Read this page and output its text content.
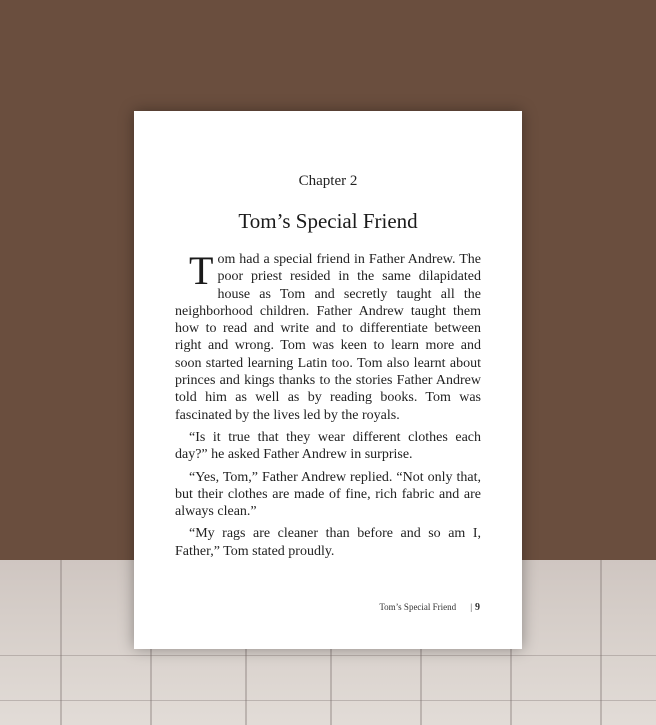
Chapter 2
Tom’s Special Friend

Tom had a special friend in Father Andrew. The poor priest resided in the same dilapidated house as Tom and secretly taught all the neighborhood children. Father Andrew taught them how to read and write and to differentiate between right and wrong. Tom was keen to learn more and soon started learning Latin too. Tom also learnt about princes and kings thanks to the stories Father Andrew told him as well as by reading books. Tom was fascinated by the lives led by the royals.

“Is it true that they wear different clothes each day?” he asked Father Andrew in surprise.

“Yes, Tom,” Father Andrew replied. “Not only that, but their clothes are made of fine, rich fabric and are always clean.”

“My rags are cleaner than before and so am I, Father,” Tom stated proudly.

Tom’s Special Friend | 9
